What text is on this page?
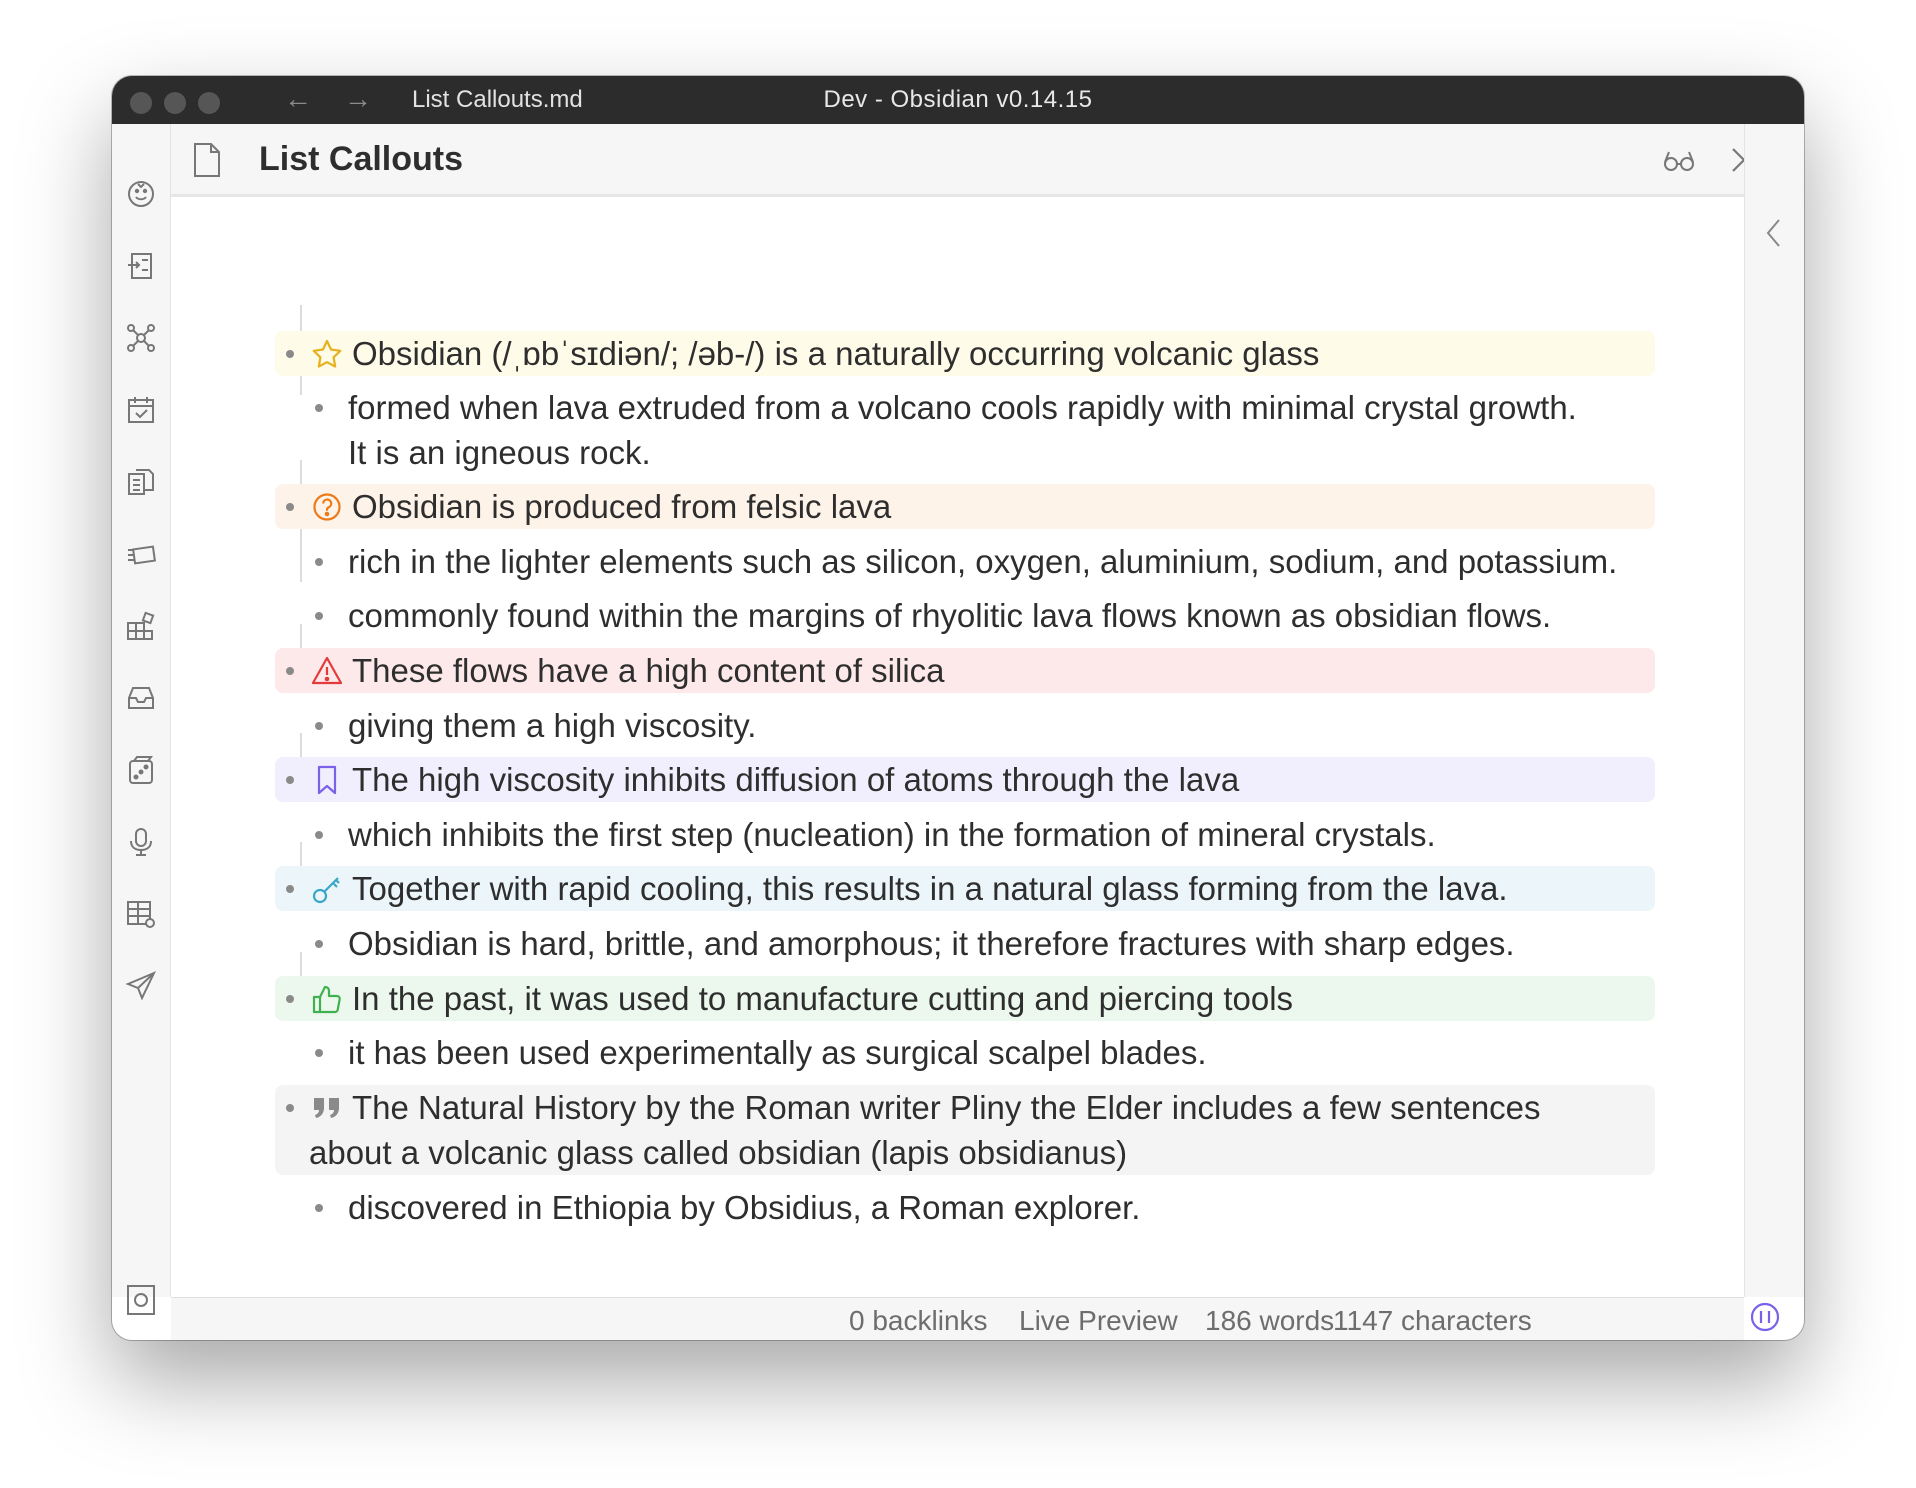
← → List Callouts.md	Dev - Obsidian v0.14.15
List Callouts
Obsidian (/ˌɒbˈsɪdiən/; /əb-/) is a naturally occurring volcanic glass
formed when lava extruded from a volcano cools rapidly with minimal crystal growth.
It is an igneous rock.
Obsidian is produced from felsic lava
rich in the lighter elements such as silicon, oxygen, aluminium, sodium, and potassium.
commonly found within the margins of rhyolitic lava flows known as obsidian flows.
These flows have a high content of silica
giving them a high viscosity.
The high viscosity inhibits diffusion of atoms through the lava
which inhibits the first step (nucleation) in the formation of mineral crystals.
Together with rapid cooling, this results in a natural glass forming from the lava.
Obsidian is hard, brittle, and amorphous; it therefore fractures with sharp edges.
In the past, it was used to manufacture cutting and piercing tools
it has been used experimentally as surgical scalpel blades.
The Natural History by the Roman writer Pliny the Elder includes a few sentences
about a volcanic glass called obsidian (lapis obsidianus)
discovered in Ethiopia by Obsidius, a Roman explorer.
0 backlinks Live Preview 186 words
1147 characters
